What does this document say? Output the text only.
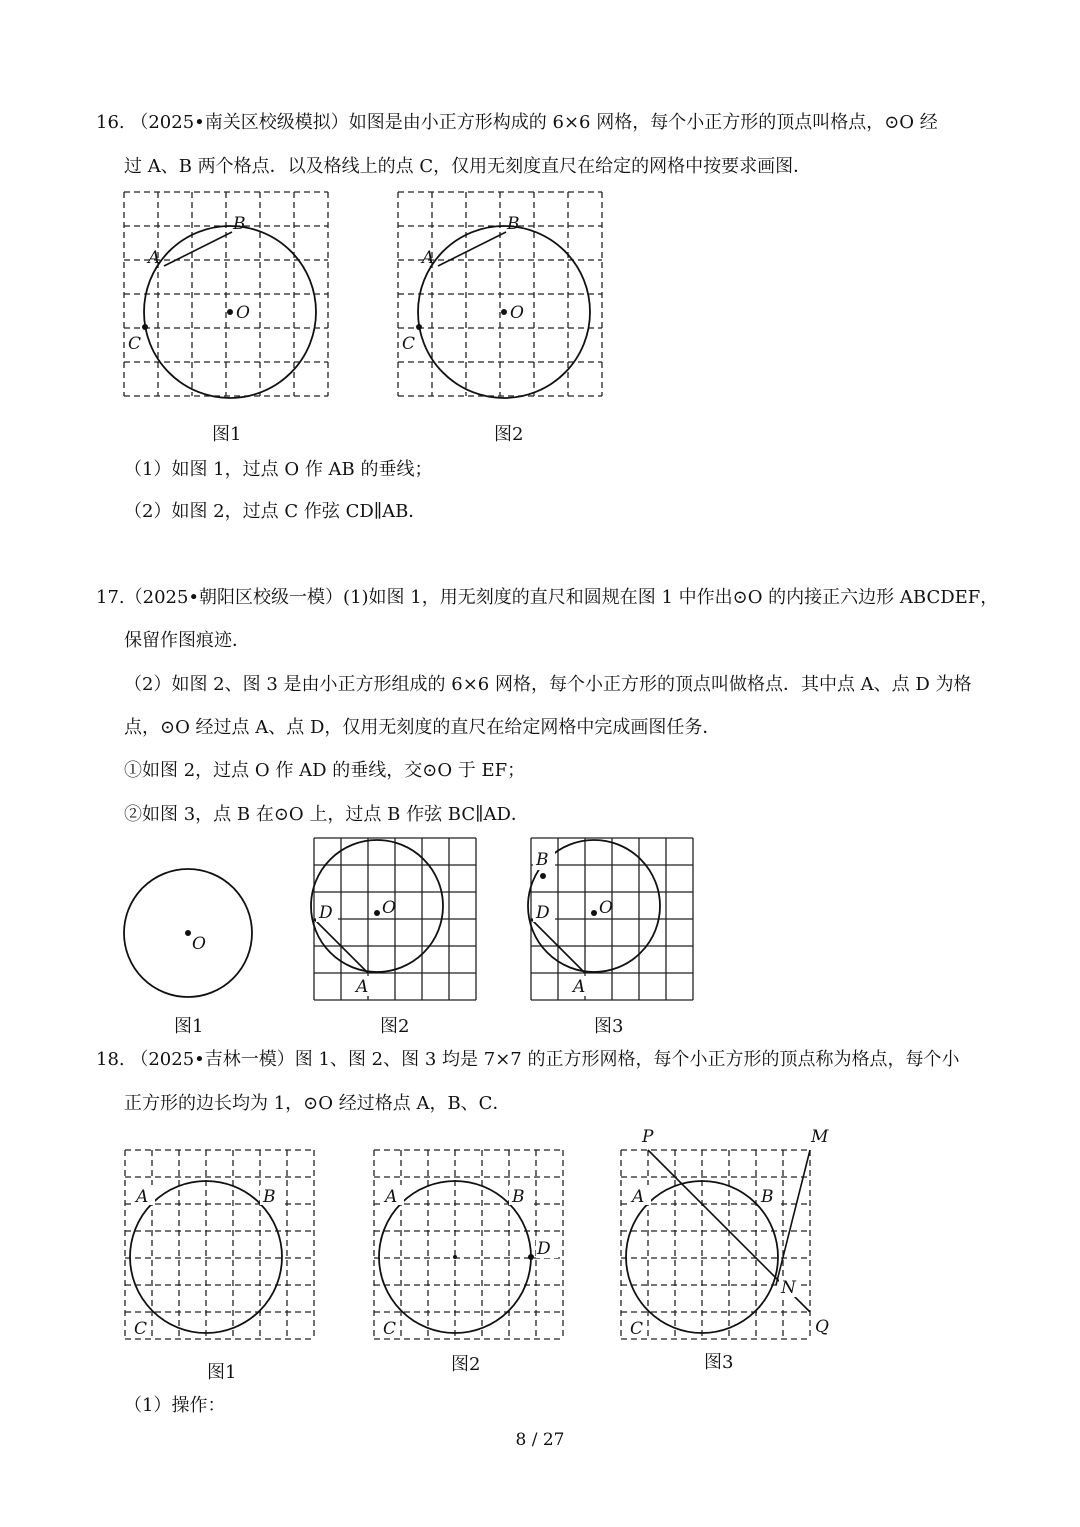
16. （2025•南关区校级模拟）如图是由小正方形构成的 6×6 网格，每个小正方形的顶点叫格点，⊙O 经
过 A、B 两个格点．以及格线上的点 C，仅用无刻度直尺在给定的网格中按要求画图．
A
B
O
C
图1
A
B
O
C
图2
（1）如图 1，过点 O 作 AB 的垂线；
（2）如图 2，过点 C 作弦 CD∥AB．
17.（2025•朝阳区校级一模）(1)如图 1，用无刻度的直尺和圆规在图 1 中作出⊙O 的内接正六边形 ABCDEF，
保留作图痕迹．
（2）如图 2、图 3 是由小正方形组成的 6×6 网格，每个小正方形的顶点叫做格点．其中点 A、点 D 为格
点，⊙O 经过点 A、点 D，仅用无刻度的直尺在给定网格中完成画图任务．
①如图 2，过点 O 作 AD 的垂线，交⊙O 于 EF；
②如图 3，点 B 在⊙O 上，过点 B 作弦 BC∥AD．
O
图1
D	O
A
图2
B
D	O
A
图3
18. （2025•吉林一模）图 1、图 2、图 3 均是 7×7 的正方形网格，每个小正方形的顶点称为格点，每个小
正方形的边长均为 1，⊙O 经过格点 A，B、C．
A	B
C
图1
A	B
D
C
图2
A	B
C
P	M
N
Q
图3
（1）操作：
8 / 27
